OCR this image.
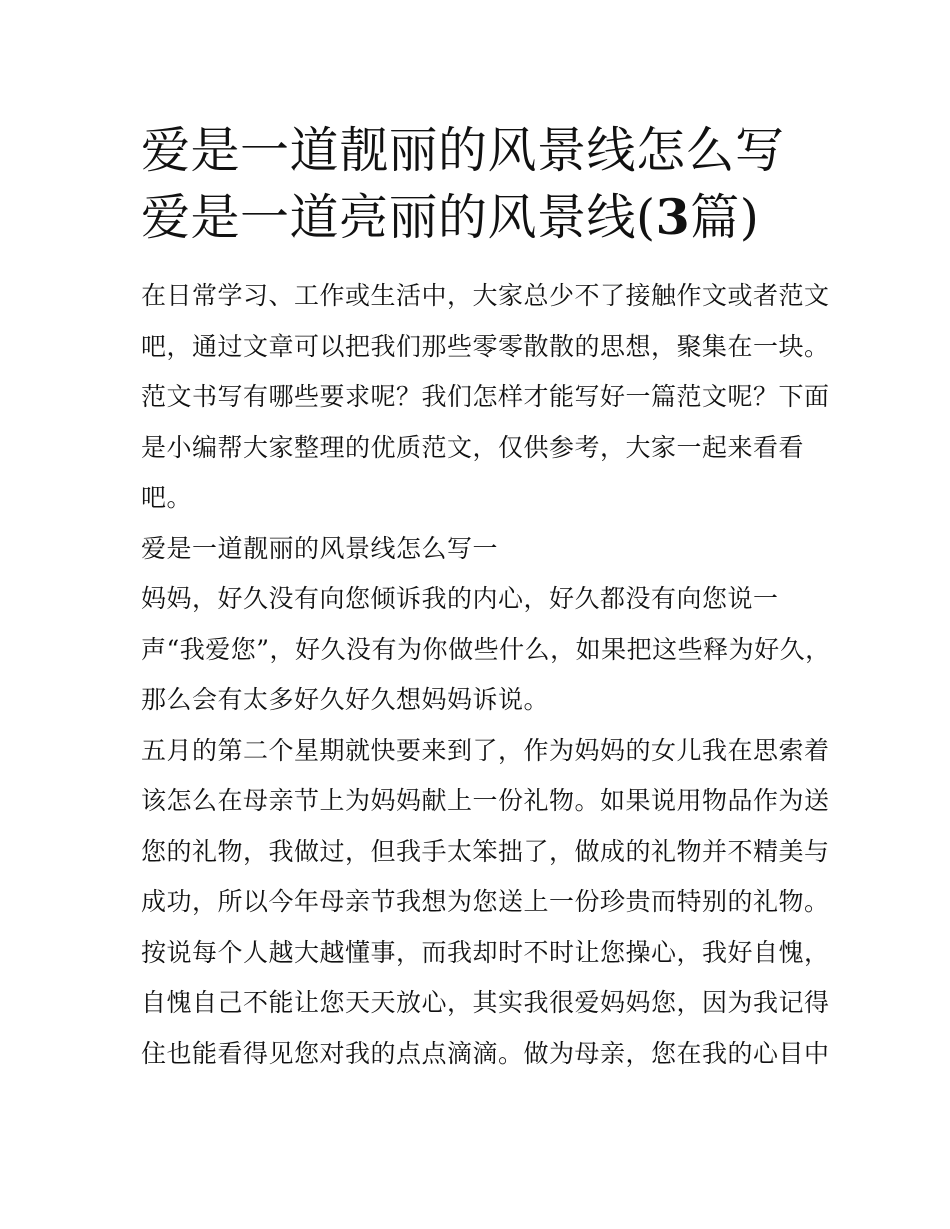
爱是一道靓丽的风景线怎么写
爱是一道亮丽的风景线(3篇)
在日常学习、工作或生活中，大家总少不了接触作文或者范文
吧，通过文章可以把我们那些零零散散的思想，聚集在一块。
范文书写有哪些要求呢？我们怎样才能写好一篇范文呢？下面
是小编帮大家整理的优质范文，仅供参考，大家一起来看看
吧。
爱是一道靓丽的风景线怎么写一
妈妈，好久没有向您倾诉我的内心，好久都没有向您说一
声“我爱您”，好久没有为你做些什么，如果把这些释为好久，
那么会有太多好久好久想妈妈诉说。
五月的第二个星期就快要来到了，作为妈妈的女儿我在思索着
该怎么在母亲节上为妈妈献上一份礼物。如果说用物品作为送
您的礼物，我做过，但我手太笨拙了，做成的礼物并不精美与
成功，所以今年母亲节我想为您送上一份珍贵而特别的礼物。
按说每个人越大越懂事，而我却时不时让您操心，我好自愧，
自愧自己不能让您天天放心，其实我很爱妈妈您，因为我记得
住也能看得见您对我的点点滴滴。做为母亲，您在我的心目中
